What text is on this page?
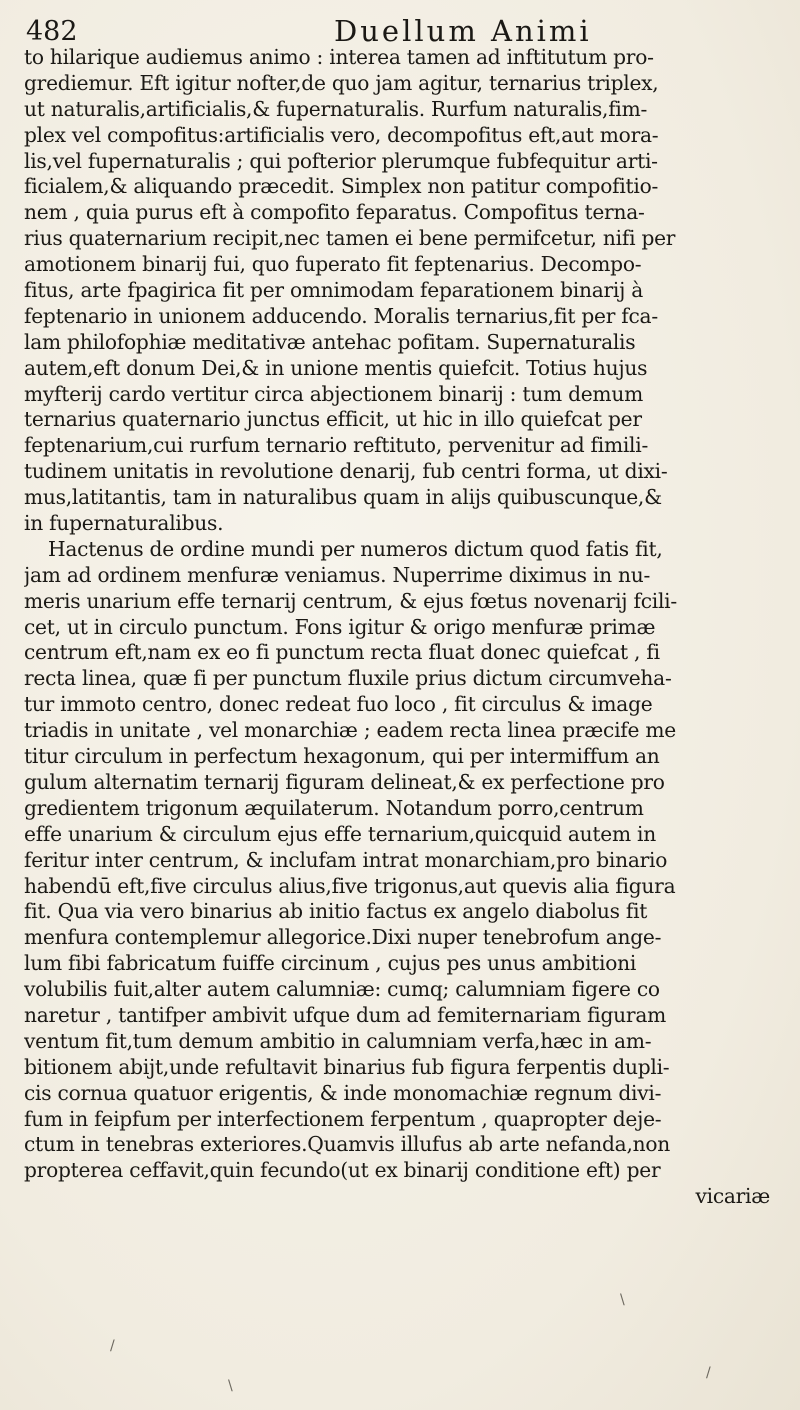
482	Duellum Animi
to hilarique audiemus animo : interea tamen ad inftitutum pro-
grediemur. Eft igitur nofter,de quo jam agitur, ternarius triplex,
ut naturalis,artificialis,& fupernaturalis. Rurfum naturalis,fim-
plex vel compofitus:artificialis vero, decompofitus eft,aut mora-
lis,vel fupernaturalis ; qui pofterior plerumque fubfequitur arti-
ficialem,& aliquando præcedit. Simplex non patitur compofitio-
nem , quia purus eft à compofito feparatus. Compofitus terna-
rius quaternarium recipit,nec tamen ei bene permifcetur, nifi per
amotionem binarij fui, quo fuperato fit feptenarius. Decompo-
fitus, arte fpagirica fit per omnimodam feparationem binarij à
feptenario in unionem adducendo. Moralis ternarius,fit per fca-
lam philofophiæ meditativæ antehac pofitam. Supernaturalis
autem,eft donum Dei,& in unione mentis quiefcit. Totius hujus
myfterij cardo vertitur circa abjectionem binarij : tum demum
ternarius quaternario junctus efficit, ut hic in illo quiefcat per
feptenarium,cui rurfum ternario reftituto, pervenitur ad fimili-
tudinem unitatis in revolutione denarij, fub centri forma, ut dixi-
mus,latitantis, tam in naturalibus quam in alijs quibuscunque,&
in fupernaturalibus.
Hactenus de ordine mundi per numeros dictum quod fatis fit,
jam ad ordinem menfuræ veniamus. Nuperrime diximus in nu-
meris unarium effe ternarij centrum, & ejus fœtus novenarij fcili-
cet, ut in circulo punctum. Fons igitur & origo menfuræ primæ
centrum eft,nam ex eo fi punctum recta fluat donec quiefcat , fi
recta linea, quæ fi per punctum fluxile prius dictum circumveha-
tur immoto centro, donec redeat fuo loco , fit circulus & image
triadis in unitate , vel monarchiæ ; eadem recta linea præcife me
titur circulum in perfectum hexagonum, qui per intermiffum an
gulum alternatim ternarij figuram delineat,& ex perfectione pro
gredientem trigonum æquilaterum. Notandum porro,centrum
effe unarium & circulum ejus effe ternarium,quicquid autem in
feritur inter centrum, & inclufam intrat monarchiam,pro binario
habendū eft,five circulus alius,five trigonus,aut quevis alia figura
fit. Qua via vero binarius ab initio factus ex angelo diabolus fit
menfura contemplemur allegorice.Dixi nuper tenebrofum ange-
lum fibi fabricatum fuiffe circinum , cujus pes unus ambitioni
volubilis fuit,alter autem calumniæ: cumq; calumniam figere co
naretur , tantifper ambivit ufque dum ad femiternariam figuram
ventum fit,tum demum ambitio in calumniam verfa,hæc in am-
bitionem abijt,unde refultavit binarius fub figura ferpentis dupli-
cis cornua quatuor erigentis, & inde monomachiæ regnum divi-
fum in feipfum per interfectionem ferpentum , quapropter deje-
ctum in tenebras exteriores.Quamvis illufus ab arte nefanda,non
propterea ceffavit,quin fecundo(ut ex binarij conditione eft) per
vicariæ
\
/
\
/
